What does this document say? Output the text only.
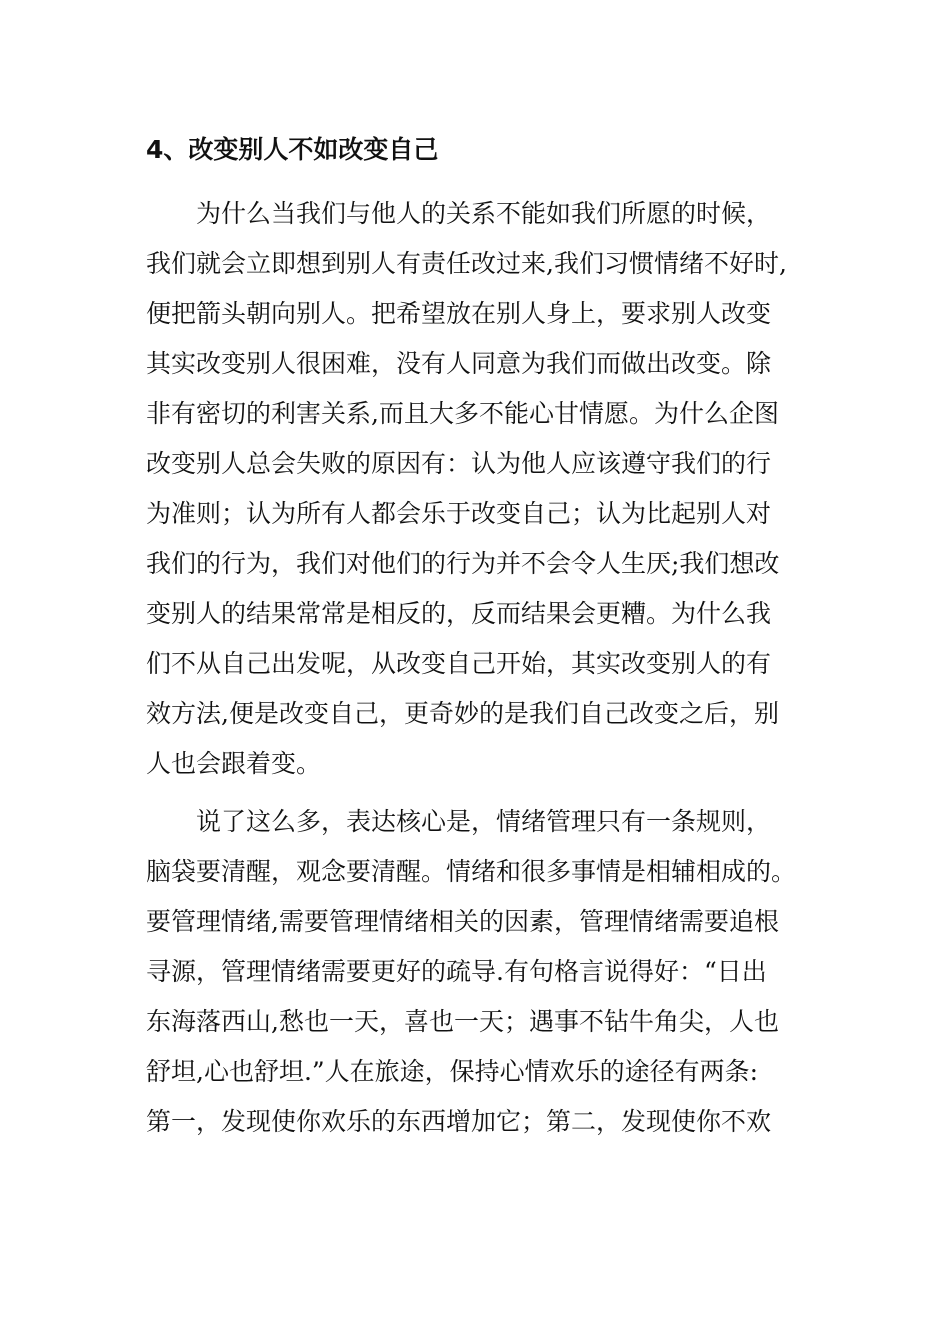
4、改变别人不如改变自己
为什么当我们与他人的关系不能如我们所愿的时候，
我们就会立即想到别人有责任改过来,我们习惯情绪不好时,
便把箭头朝向别人。把希望放在别人身上，要求别人改变
其实改变别人很困难，没有人同意为我们而做出改变。除
非有密切的利害关系,而且大多不能心甘情愿。为什么企图
改变别人总会失败的原因有：认为他人应该遵守我们的行
为准则；认为所有人都会乐于改变自己；认为比起别人对
我们的行为，我们对他们的行为并不会令人生厌;我们想改
变别人的结果常常是相反的，反而结果会更糟。为什么我
们不从自己出发呢，从改变自己开始，其实改变别人的有
效方法,便是改变自己，更奇妙的是我们自己改变之后，别
人也会跟着变。
说了这么多，表达核心是，情绪管理只有一条规则，
脑袋要清醒，观念要清醒。情绪和很多事情是相辅相成的。
要管理情绪,需要管理情绪相关的因素，管理情绪需要追根
寻源，管理情绪需要更好的疏导.有句格言说得好：“日出
东海落西山,愁也一天，喜也一天；遇事不钻牛角尖，人也
舒坦,心也舒坦.”人在旅途，保持心情欢乐的途径有两条:
第一，发现使你欢乐的东西增加它；第二，发现使你不欢
